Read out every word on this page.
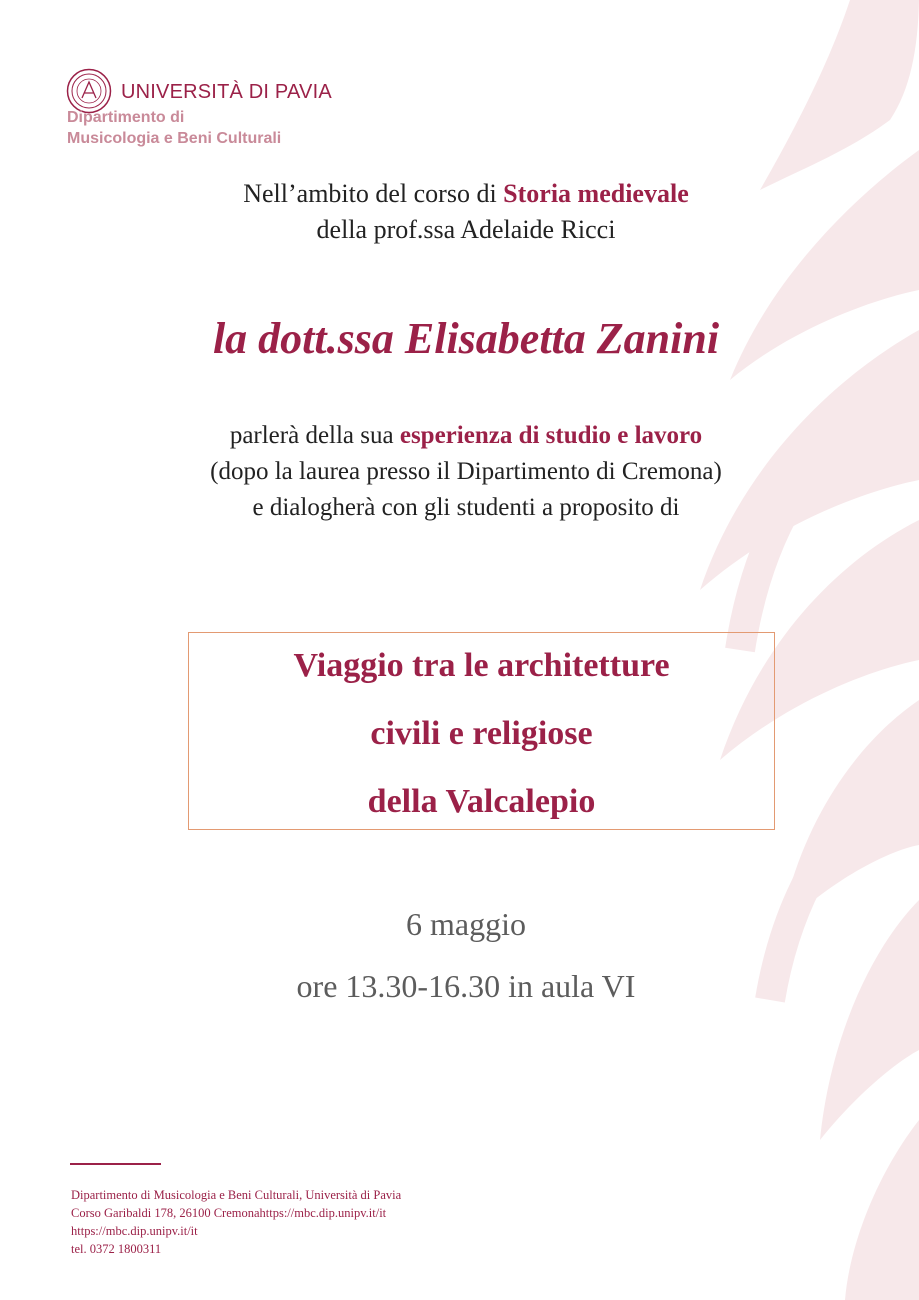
UNIVERSITÀ DI PAVIA
Dipartimento di
Musicologia e Beni Culturali
Nell’ambito del corso di Storia medievale
della prof.ssa Adelaide Ricci
la dott.ssa Elisabetta Zanini
parlerà della sua esperienza di studio e lavoro
(dopo la laurea presso il Dipartimento di Cremona)
e dialogherà con gli studenti a proposito di
Viaggio tra le architetture
civili e religiose
della Valcalepio
6 maggio
ore 13.30-16.30 in aula VI
Dipartimento di Musicologia e Beni Culturali, Università di Pavia
Corso Garibaldi 178, 26100 Cremonahttps://mbc.dip.unipv.it/it
https://mbc.dip.unipv.it/it
tel. 0372 1800311
